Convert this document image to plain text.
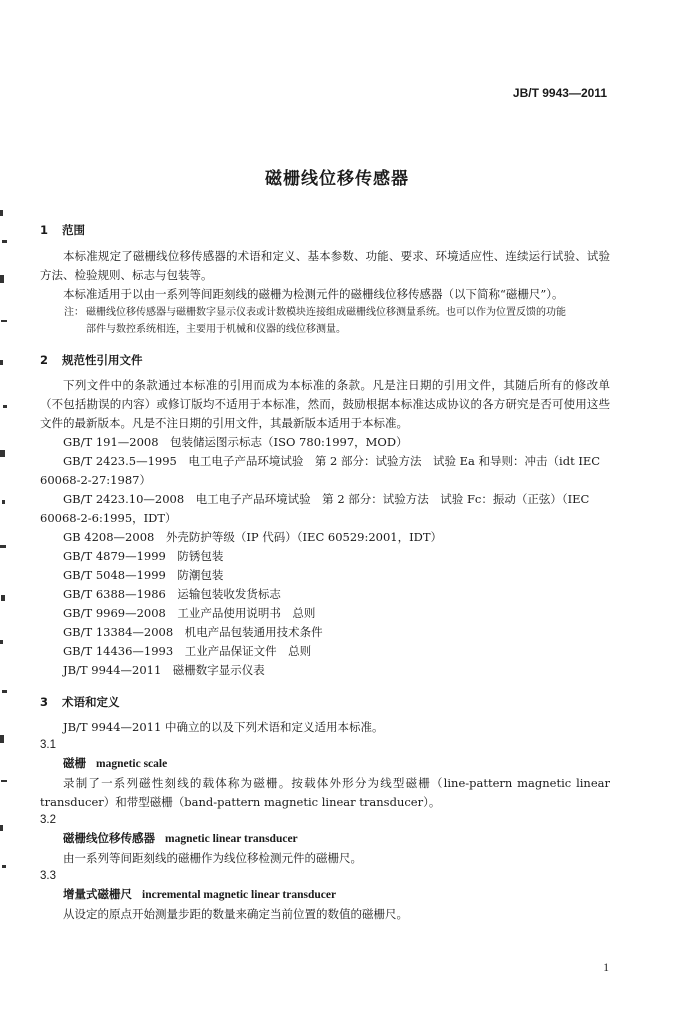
JB/T 9943—2011
磁栅线位移传感器
1 范围

本标准规定了磁栅线位移传感器的术语和定义、基本参数、功能、要求、环境适应性、连续运行试验、试验方法、检验规则、标志与包装等。

本标准适用于以由一系列等间距刻线的磁栅为检测元件的磁栅线位移传感器（以下简称“磁栅尺”）。

注： 磁栅线位移传感器与磁栅数字显示仪表或计数模块连接组成磁栅线位移测量系统。也可以作为位置反馈的功能
部件与数控系统相连，主要用于机械和仪器的线位移测量。
2 规范性引用文件

下列文件中的条款通过本标准的引用而成为本标准的条款。凡是注日期的引用文件，其随后所有的修改单（不包括勘误的内容）或修订版均不适用于本标准，然而，鼓励根据本标准达成协议的各方研究是否可使用这些文件的最新版本。凡是不注日期的引用文件，其最新版本适用于本标准。

GB/T 191—2008　包装储运图示标志（ISO 780:1997，MOD）

GB/T 2423.5—1995　电工电子产品环境试验　第 2 部分：试验方法　试验 Ea 和导则：冲击（idt IEC

60068-2-27:1987）

GB/T 2423.10—2008　电工电子产品环境试验　第 2 部分：试验方法　试验 Fc：振动（正弦）（IEC

60068-2-6:1995，IDT）

GB 4208—2008　外壳防护等级（IP 代码）（IEC 60529:2001，IDT）

GB/T 4879—1999　防锈包装

GB/T 5048—1999　防潮包装

GB/T 6388—1986　运输包装收发货标志

GB/T 9969—2008　工业产品使用说明书　总则

GB/T 13384—2008　机电产品包装通用技术条件

GB/T 14436—1993　工业产品保证文件　总则

JB/T 9944—2011　磁栅数字显示仪表

3 术语和定义

JB/T 9944—2011 中确立的以及下列术语和定义适用本标准。

3.1

磁栅 magnetic scale

录制了一系列磁性刻线的载体称为磁栅。按载体外形分为线型磁栅（line-pattern magnetic linear transducer）和带型磁栅（band-pattern magnetic linear transducer）。

3.2

磁栅线位移传感器 magnetic linear transducer

由一系列等间距刻线的磁栅作为线位移检测元件的磁栅尺。

3.3

增量式磁栅尺 incremental magnetic linear transducer

从设定的原点开始测量步距的数量来确定当前位置的数值的磁栅尺。

1
